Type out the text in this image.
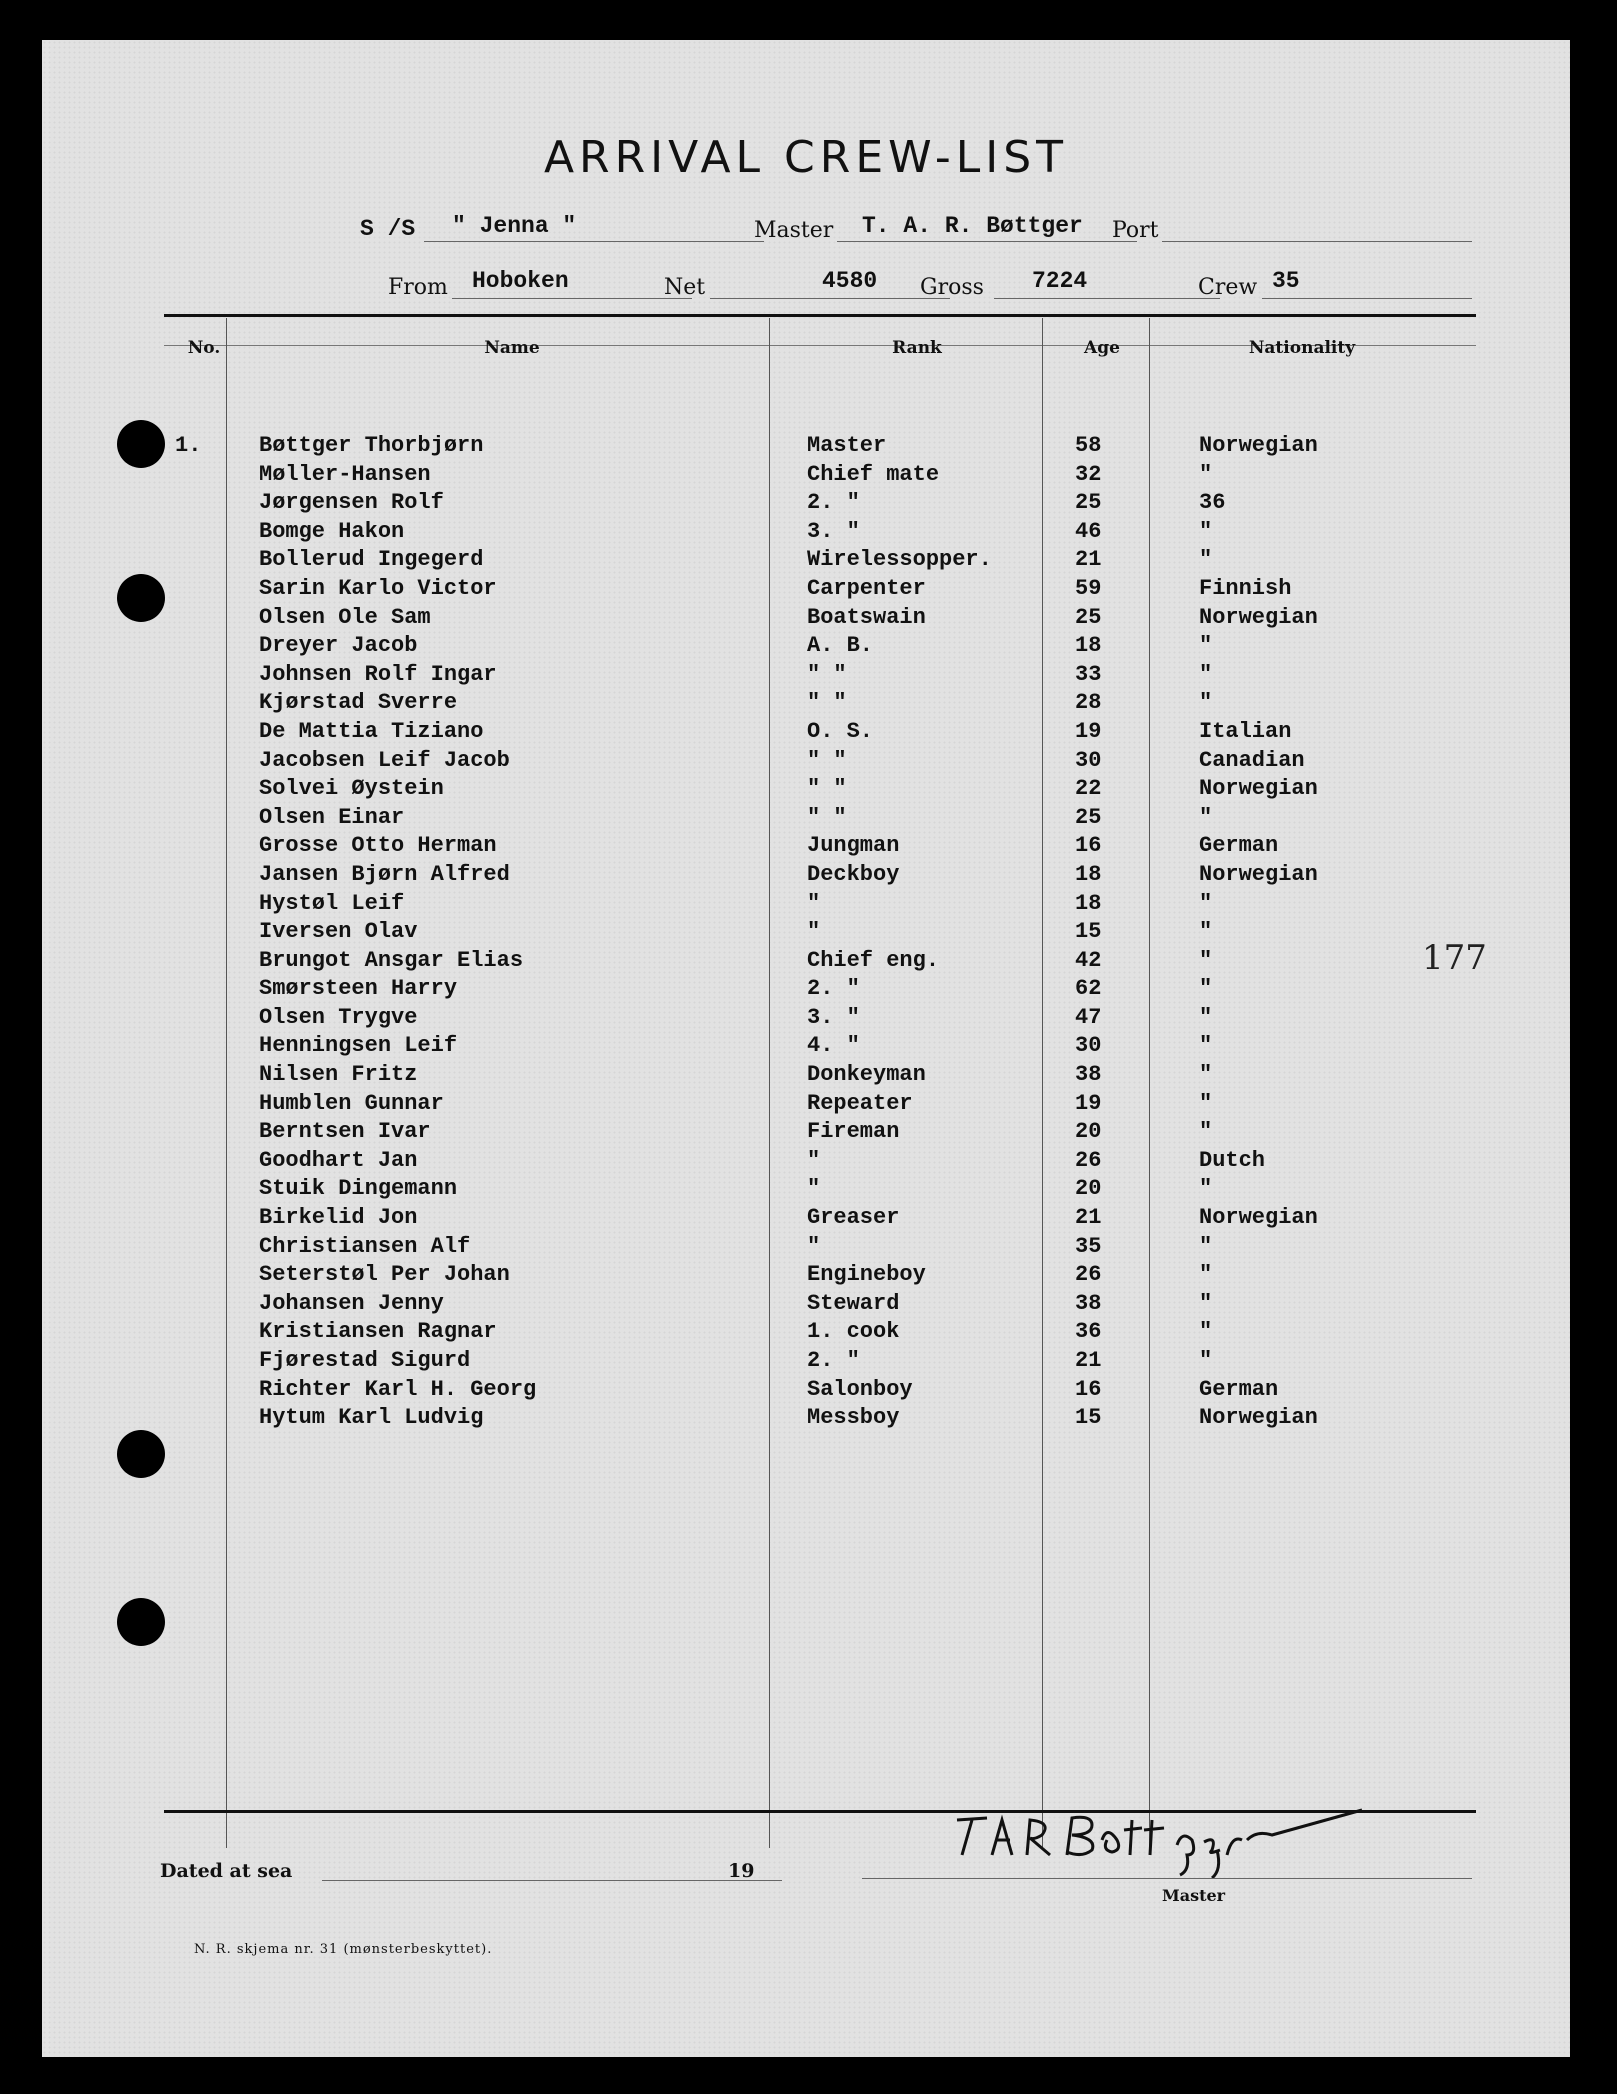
ARRIVAL CREW-LIST
S /S " Jenna "	Master T. A. R. Bøttger Port
From Hoboken	Net	4580 Gross 7224	Crew 35
No.	Name	Rank	Age	Nationality
1.	Bøttger Thorbjørn	Master	58	Norwegian
Møller-Hansen	Chief mate	32	"
Jørgensen Rolf	2. "	25	36
Bomge Hakon	3. "	46	"
Bollerud Ingegerd	Wirelessopper.	21	"
Sarin Karlo Victor	Carpenter	59	Finnish
Olsen Ole Sam	Boatswain	25	Norwegian
Dreyer Jacob	A. B.	18	"
Johnsen Rolf Ingar	" "	33	"
Kjørstad Sverre	" "	28	"
De Mattia Tiziano	O. S.	19	Italian
Jacobsen Leif Jacob	" "	30	Canadian
Solvei Øystein	" "	22	Norwegian
Olsen Einar	" "	25	"
Grosse Otto Herman	Jungman	16	German
Jansen Bjørn Alfred	Deckboy	18	Norwegian
Hystøl Leif	"	18	"
Iversen Olav	"	15	"
Brungot Ansgar Elias	Chief eng.	42	"
Smørsteen Harry	2. "	62	"
Olsen Trygve	3. "	47	"
Henningsen Leif	4. "	30	"
Nilsen Fritz	Donkeyman	38	"
Humblen Gunnar	Repeater	19	"
Berntsen Ivar	Fireman	20	"
Goodhart Jan	"	26	Dutch
Stuik Dingemann	"	20	"
Birkelid Jon	Greaser	21	Norwegian
Christiansen Alf	"	35	"
Seterstøl Per Johan	Engineboy	26	"
Johansen Jenny	Steward	38	"
Kristiansen Ragnar	1. cook	36	"
Fjørestad Sigurd	2. "	21	"
Richter Karl H. Georg	Salonboy	16	German
Hytum Karl Ludvig	Messboy	15	Norwegian
177
Dated at sea	19
Master
N. R. skjema nr. 31 (mønsterbeskyttet).
